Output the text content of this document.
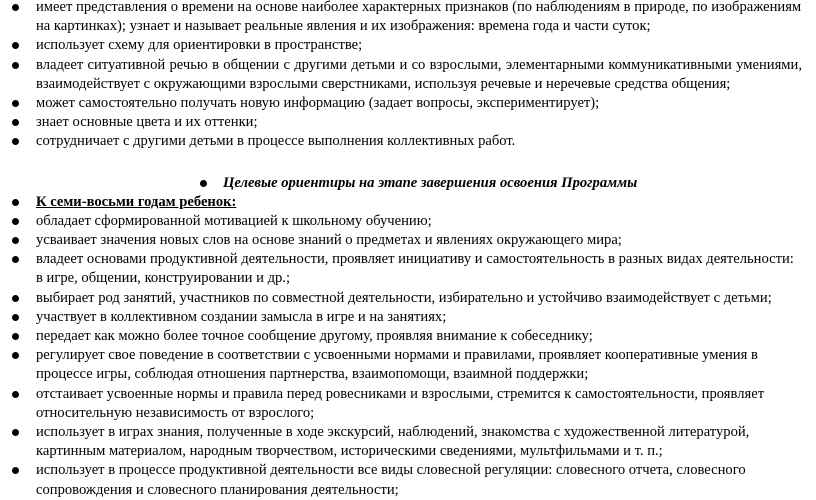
имеет представления о времени на основе наиболее характерных признаков (по наблюдениям в природе, по изображениям на картинках); узнает и называет реальные явления и их изображения: времена года и части суток;
использует схему для ориентировки в пространстве;
владеет ситуативной речью в общении с другими детьми и со взрослыми, элементарными коммуникативными умениями, взаимодействует с окружающими взрослыми сверстниками, используя речевые и неречевые средства общения;
может самостоятельно получать новую информацию (задает вопросы, экспериментирует);
знает основные цвета и их оттенки;
сотрудничает с другими детьми в процессе выполнения коллективных работ.
Целевые ориентиры на этапе завершения освоения Программы
К семи-восьми годам ребенок:
обладает сформированной мотивацией к школьному обучению;
усваивает значения новых слов на основе знаний о предметах и явлениях окружающего мира;
владеет основами продуктивной деятельности, проявляет инициативу и самостоятельность в разных видах деятельности: в игре, общении, конструировании и др.;
выбирает род занятий, участников по совместной деятельности, избирательно и устойчиво взаимодействует с детьми;
участвует в коллективном создании замысла в игре и на занятиях;
передает как можно более точное сообщение другому, проявляя внимание к собеседнику;
регулирует свое поведение в соответствии с усвоенными нормами и правилами, проявляет кооперативные умения в процессе игры, соблюдая отношения партнерства, взаимопомощи, взаимной поддержки;
отстаивает усвоенные нормы и правила перед ровесниками и взрослыми, стремится к самостоятельности, проявляет относительную независимость от взрослого;
использует в играх знания, полученные в ходе экскурсий, наблюдений, знакомства с художественной литературой, картинным материалом, народным творчеством, историческими сведениями, мультфильмами и т. п.;
использует в процессе продуктивной деятельности все виды словесной регуляции: словесного отчета, словесного сопровождения и словесного планирования деятельности;
